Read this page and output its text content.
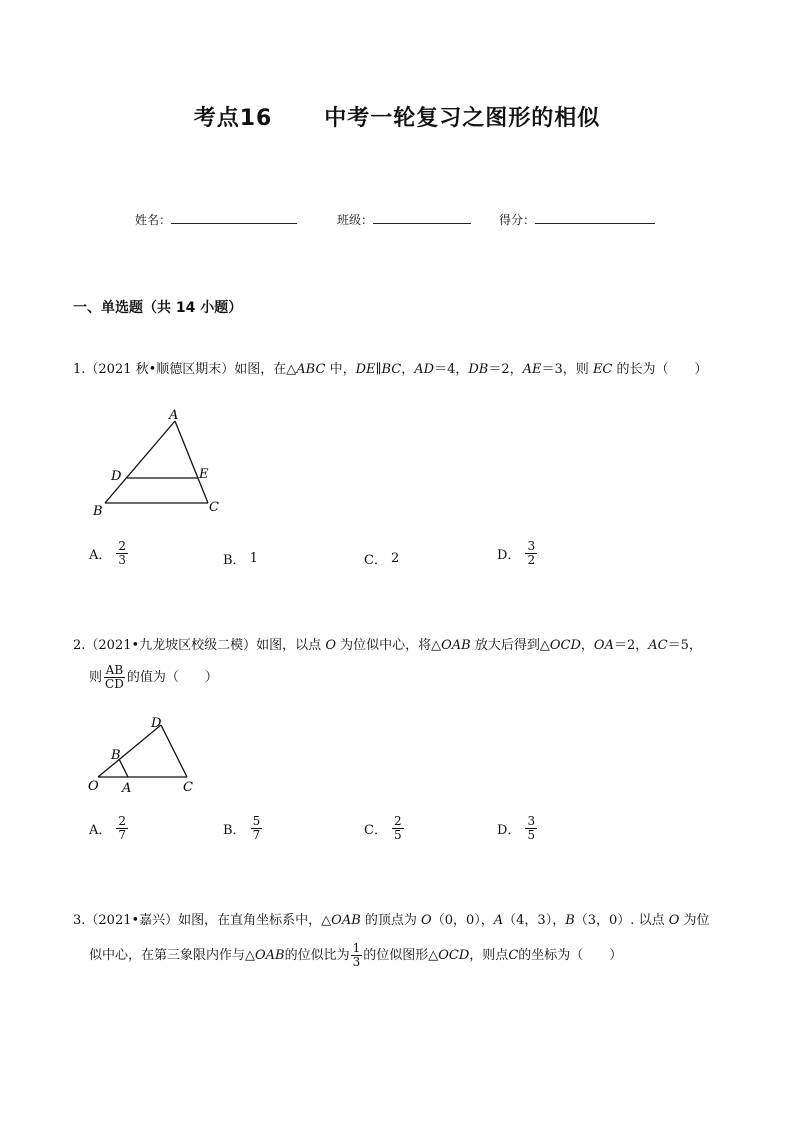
考点16      中考一轮复习之图形的相似
姓名：	班级：	得分：
一、单选题（共 14 小题）
1.（2021 秋•顺德区期末）如图，在△ABC 中，DE∥BC，AD＝4，DB＝2，AE＝3，则 EC 的长为（　　）
A
D	E
B	C
A． $\frac{2}{3}$	B． 1	C． 2	D． $\frac{3}{2}$
2.（2021•九龙坡区校级二模）如图，以点 O 为位似中心，将△OAB 放大后得到△OCD，OA＝2，AC＝5，
则 $\frac{AB}{CD}$ 的值为（　　）
D
B
O A	C
A． $\frac{2}{7}$	B． $\frac{5}{7}$	C． $\frac{2}{5}$	D． $\frac{3}{5}$
3.（2021•嘉兴）如图，在直角坐标系中，△OAB 的顶点为 O（0，0），A（4，3），B（3，0）. 以点 O 为位
似中心，在第三象限内作与△ OAB 的位似比为 $\frac{1}{3}$ 的位似图形△ OCD ，则点 C 的坐标为（　　）
